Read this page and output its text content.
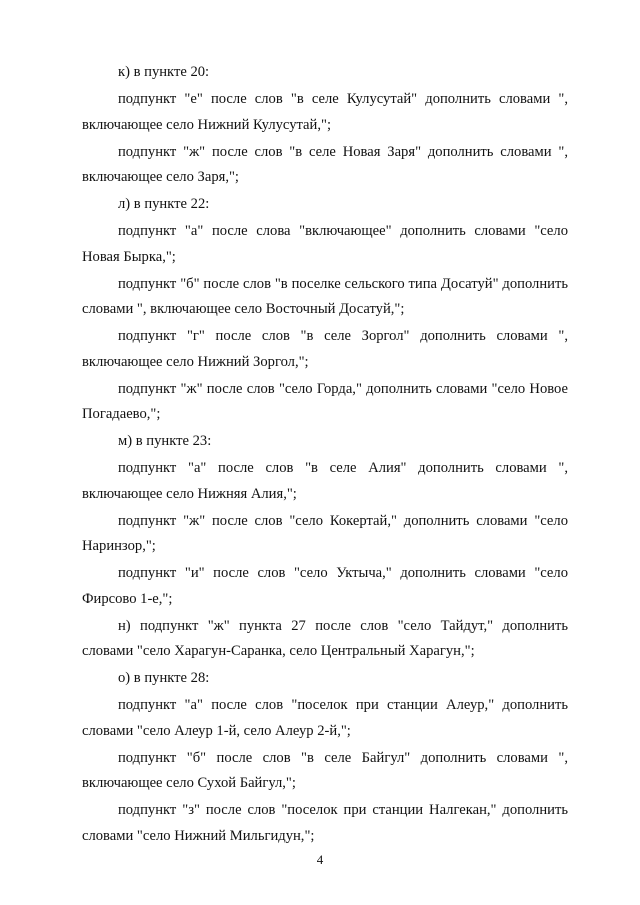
к) в пункте 20:

подпункт "е" после слов "в селе Кулусутай" дополнить словами ", включающее село Нижний Кулусутай,";

подпункт "ж" после слов "в селе Новая Заря" дополнить словами ", включающее село Заря,";

л) в пункте 22:

подпункт "а" после слова "включающее" дополнить словами "село Новая Бырка,";

подпункт "б" после слов "в поселке сельского типа Досатуй" дополнить словами ", включающее село Восточный Досатуй,";

подпункт "г" после слов "в селе Зоргол" дополнить словами ", включающее село Нижний Зоргол,";

подпункт "ж" после слов "село Горда," дополнить словами "село Новое Погадаево,";

м) в пункте 23:

подпункт "а" после слов "в селе Алия" дополнить словами ", включающее село Нижняя Алия,";

подпункт "ж" после слов "село Кокертай," дополнить словами "село Наринзор,";

подпункт "и" после слов "село Уктыча," дополнить словами "село Фирсово 1-е,";

н) подпункт "ж" пункта 27 после слов "село Тайдут," дополнить словами "село Харагун-Саранка, село Центральный Харагун,";

о) в пункте 28:

подпункт "а" после слов "поселок при станции Алеур," дополнить словами "село Алеур 1-й, село Алеур 2-й,";

подпункт "б" после слов "в селе Байгул" дополнить словами ", включающее село Сухой Байгул,";

подпункт "з" после слов "поселок при станции Налгекан," дополнить словами "село Нижний Мильгидун,";

4
